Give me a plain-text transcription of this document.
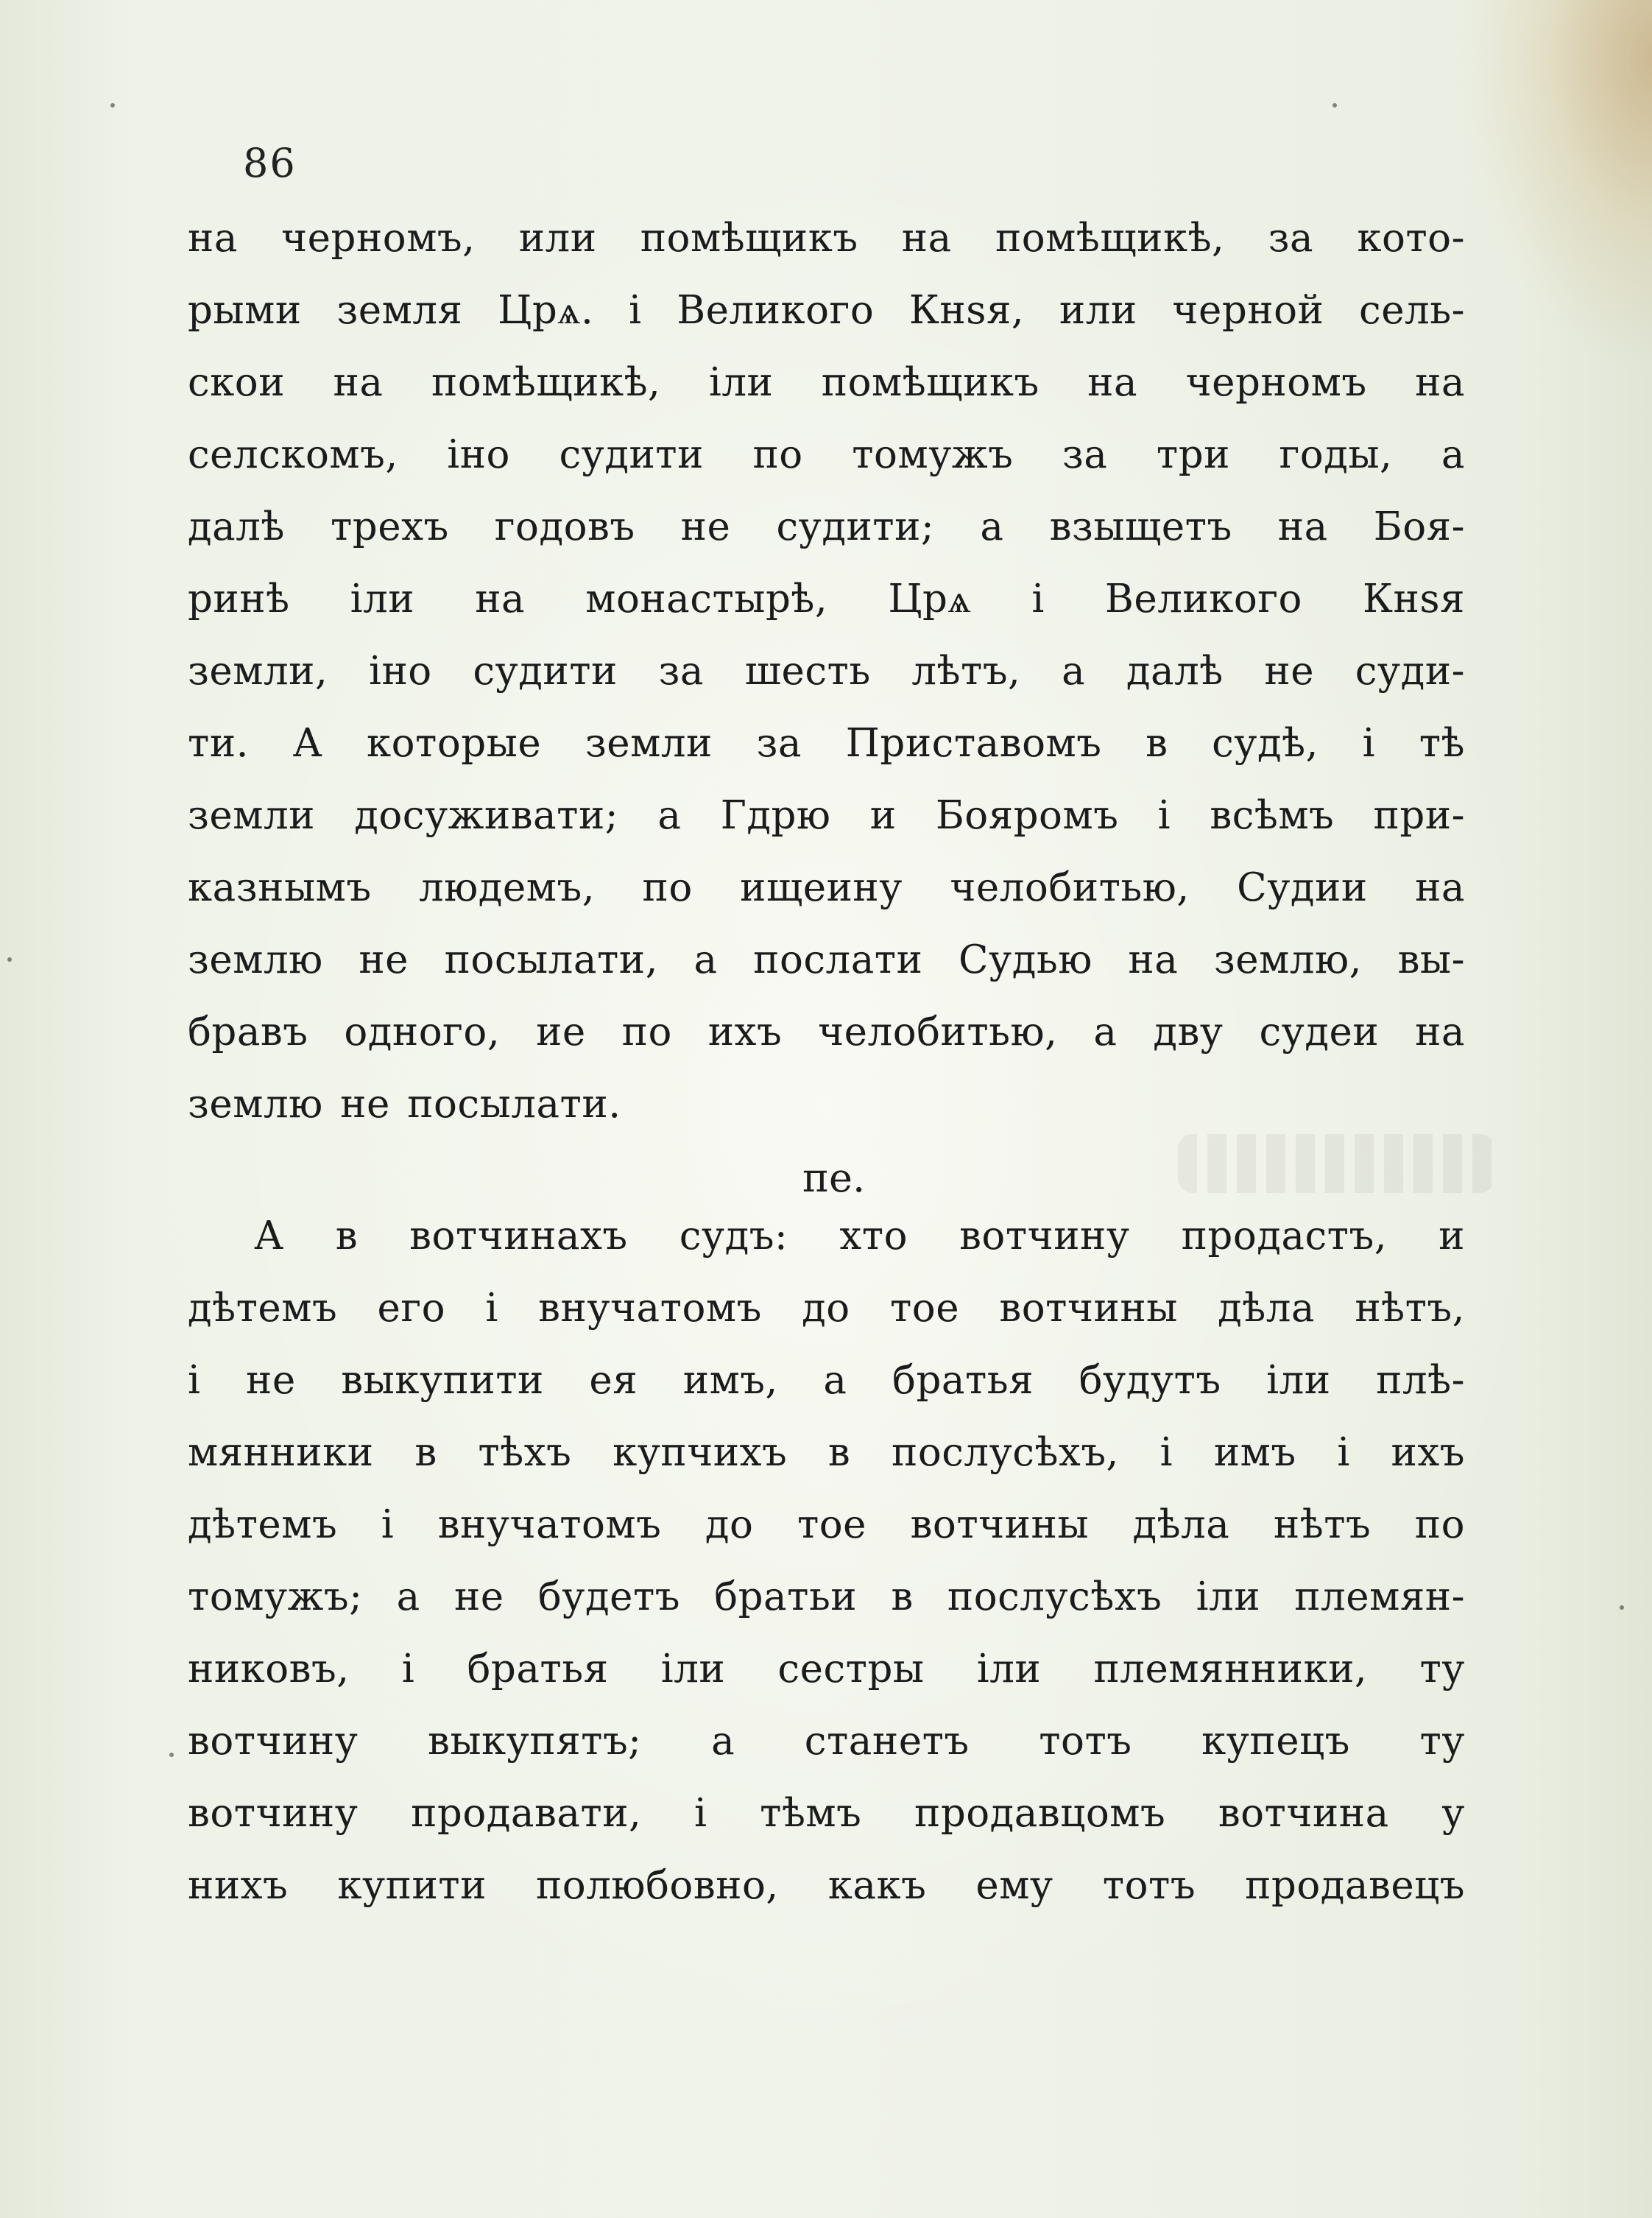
86
на черномъ, или помѣщикъ на помѣщикѣ, за кото-
рыми земля Црѧ. і Великого Кнѕя, или черной сель-
скои на помѣщикѣ, іли помѣщикъ на черномъ на
селскомъ, іно судити по томужъ за три годы, а
далѣ трехъ годовъ не судити; а взыщетъ на Боя-
ринѣ іли на монастырѣ, Црѧ і Великого Кнѕя
земли, іно судити за шесть лѣтъ, а далѣ не суди-
ти. А которые земли за Приставомъ в судѣ, і тѣ
земли досуживати; а Гдрю и Бояромъ і всѣмъ при-
казнымъ людемъ, по ищеину челобитью, Судии на
землю не посылати, а послати Судью на землю, вы-
бравъ одного, ие по ихъ челобитью, а дву судеи на
землю не посылати.
пе.
А в вотчинахъ судъ: хто вотчину продастъ, и
дѣтемъ его і внучатомъ до тое вотчины дѣла нѣтъ,
і не выкупити ея имъ, а братья будутъ іли плѣ-
мянники в тѣхъ купчихъ в послусѣхъ, і имъ і ихъ
дѣтемъ і внучатомъ до тое вотчины дѣла нѣтъ по
томужъ; а не будетъ братьи в послусѣхъ іли племян-
никовъ, і братья іли сестры іли племянники, ту
вотчину выкупятъ; а станетъ тотъ купецъ ту
вотчину продавати, і тѣмъ продавцомъ вотчина у
нихъ купити полюбовно, какъ ему тотъ продавецъ
